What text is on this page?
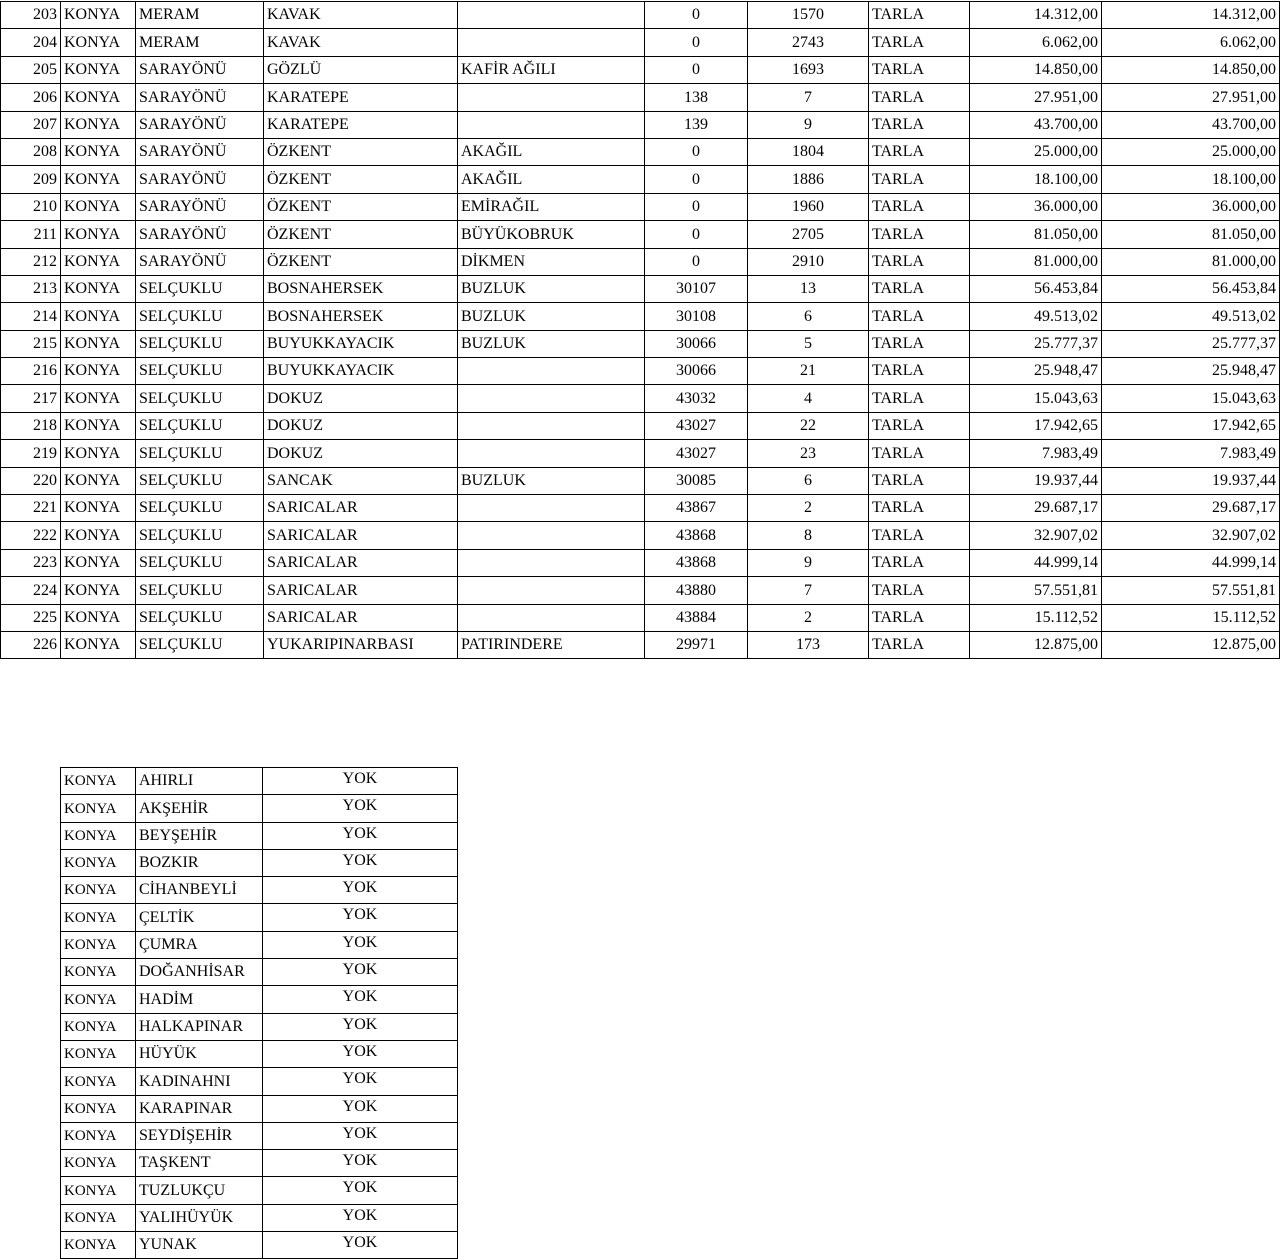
203	KONYA	MERAM	KAVAK		0	1570	TARLA	14.312,00	14.312,00
204	KONYA	MERAM	KAVAK		0	2743	TARLA	6.062,00	6.062,00
205	KONYA	SARAYÖNÜ	GÖZLÜ	KAFİR AĞILI	0	1693	TARLA	14.850,00	14.850,00
206	KONYA	SARAYÖNÜ	KARATEPE		138	7	TARLA	27.951,00	27.951,00
207	KONYA	SARAYÖNÜ	KARATEPE		139	9	TARLA	43.700,00	43.700,00
208	KONYA	SARAYÖNÜ	ÖZKENT	AKAĞIL	0	1804	TARLA	25.000,00	25.000,00
209	KONYA	SARAYÖNÜ	ÖZKENT	AKAĞIL	0	1886	TARLA	18.100,00	18.100,00
210	KONYA	SARAYÖNÜ	ÖZKENT	EMİRAĞIL	0	1960	TARLA	36.000,00	36.000,00
211	KONYA	SARAYÖNÜ	ÖZKENT	BÜYÜKOBRUK	0	2705	TARLA	81.050,00	81.050,00
212	KONYA	SARAYÖNÜ	ÖZKENT	DİKMEN	0	2910	TARLA	81.000,00	81.000,00
213	KONYA	SELÇUKLU	BOSNAHERSEK	BUZLUK	30107	13	TARLA	56.453,84	56.453,84
214	KONYA	SELÇUKLU	BOSNAHERSEK	BUZLUK	30108	6	TARLA	49.513,02	49.513,02
215	KONYA	SELÇUKLU	BUYUKKAYACIK	BUZLUK	30066	5	TARLA	25.777,37	25.777,37
216	KONYA	SELÇUKLU	BUYUKKAYACIK		30066	21	TARLA	25.948,47	25.948,47
217	KONYA	SELÇUKLU	DOKUZ		43032	4	TARLA	15.043,63	15.043,63
218	KONYA	SELÇUKLU	DOKUZ		43027	22	TARLA	17.942,65	17.942,65
219	KONYA	SELÇUKLU	DOKUZ		43027	23	TARLA	7.983,49	7.983,49
220	KONYA	SELÇUKLU	SANCAK	BUZLUK	30085	6	TARLA	19.937,44	19.937,44
221	KONYA	SELÇUKLU	SARICALAR		43867	2	TARLA	29.687,17	29.687,17
222	KONYA	SELÇUKLU	SARICALAR		43868	8	TARLA	32.907,02	32.907,02
223	KONYA	SELÇUKLU	SARICALAR		43868	9	TARLA	44.999,14	44.999,14
224	KONYA	SELÇUKLU	SARICALAR		43880	7	TARLA	57.551,81	57.551,81
225	KONYA	SELÇUKLU	SARICALAR		43884	2	TARLA	15.112,52	15.112,52
226	KONYA	SELÇUKLU	YUKARIPINARBASI	PATIRINDERE	29971	173	TARLA	12.875,00	12.875,00
KONYA	AHIRLI	YOK
KONYA	AKŞEHİR	YOK
KONYA	BEYŞEHİR	YOK
KONYA	BOZKIR	YOK
KONYA	CİHANBEYLİ	YOK
KONYA	ÇELTİK	YOK
KONYA	ÇUMRA	YOK
KONYA	DOĞANHİSAR	YOK
KONYA	HADİM	YOK
KONYA	HALKAPINAR	YOK
KONYA	HÜYÜK	YOK
KONYA	KADINAHNI	YOK
KONYA	KARAPINAR	YOK
KONYA	SEYDİŞEHİR	YOK
KONYA	TAŞKENT	YOK
KONYA	TUZLUKÇU	YOK
KONYA	YALIHÜYÜK	YOK
KONYA	YUNAK	YOK
